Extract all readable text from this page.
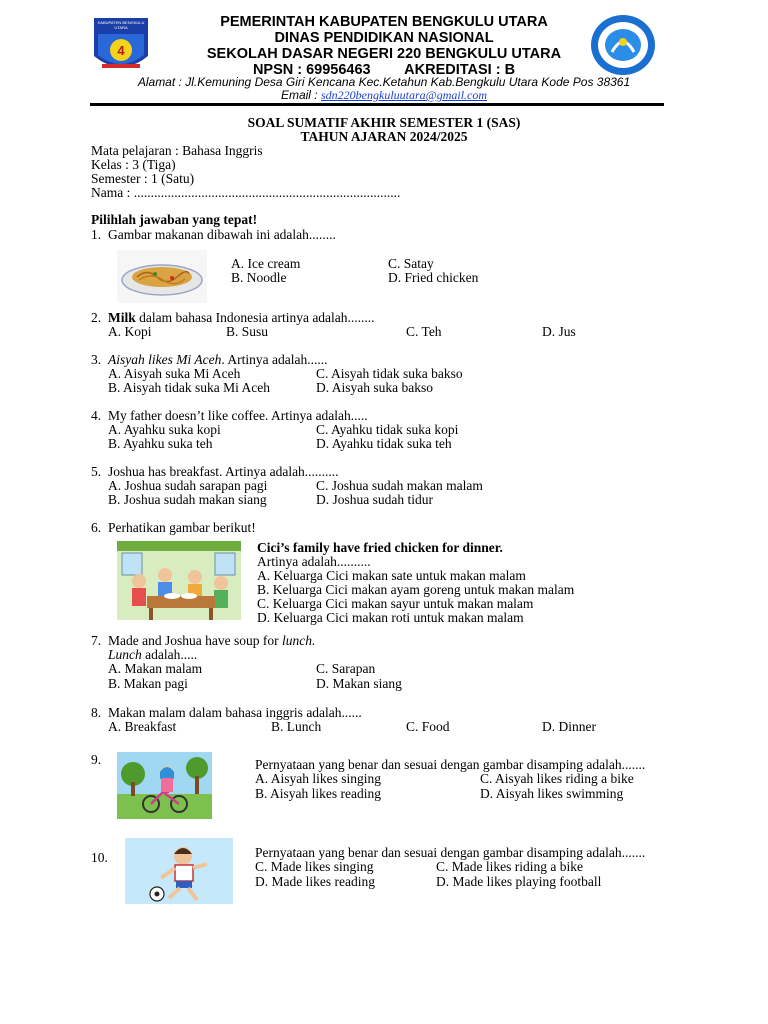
4
KABUPATEN BENGKULU UTARA	PEMERINTAH KABUPATEN BENGKULU UTARA
DINAS PENDIDIKAN NASIONAL
SEKOLAH DASAR NEGERI 220 BENGKULU UTARA
NPSN : 69956463 AKREDITASI : B
Alamat : Jl.Kemuning Desa Giri Kencana Kec.Ketahun Kab.Bengkulu Utara Kode Pos 38361
Email : sdn220bengkuluutara@gmail.com
SOAL SUMATIF AKHIR SEMESTER 1 (SAS)
TAHUN AJARAN 2024/2025
Mata pelajaran : Bahasa Inggris
Kelas : 3 (Tiga)
Semester : 1 (Satu)
Nama : ...............................................................................
Pilihlah jawaban yang tepat!
1. Gambar makanan dibawah ini adalah........
A. Ice cream
B. Noodle
C. Satay
D. Fried chicken
2. Milk dalam bahasa Indonesia artinya adalah........
A. Kopi	B. Susu	C. Teh	D. Jus
3. Aisyah likes Mi Aceh. Artinya adalah......
A. Aisyah suka Mi Aceh
B. Aisyah tidak suka Mi Aceh
C. Aisyah tidak suka bakso
D. Aisyah suka bakso
4. My father doesn’t like coffee. Artinya adalah.....
A. Ayahku suka kopi
B. Ayahku suka teh
C. Ayahku tidak suka kopi
D. Ayahku tidak suka teh
5. Joshua has breakfast. Artinya adalah..........
A. Joshua sudah sarapan pagi
B. Joshua sudah makan siang
C. Joshua sudah makan malam
D. Joshua sudah tidur
6. Perhatikan gambar berikut!
Cici’s family have fried chicken for dinner.
Artinya adalah..........
A. Keluarga Cici makan sate untuk makan malam
B. Keluarga Cici makan ayam goreng untuk makan malam
C. Keluarga Cici makan sayur untuk makan malam
D. Keluarga Cici makan roti untuk makan malam
7. Made and Joshua have soup for lunch.
Lunch adalah.....
A. Makan malam
B. Makan pagi
C. Sarapan
D. Makan siang
8. Makan malam dalam bahasa inggris adalah......
A. Breakfast	B. Lunch	C. Food	D. Dinner
9.	Pernyataan yang benar dan sesuai dengan gambar disamping adalah.......
A. Aisyah likes singing
B. Aisyah likes reading
C. Aisyah likes riding a bike
D. Aisyah likes swimming
10.	Pernyataan yang benar dan sesuai dengan gambar disamping adalah.......
C. Made likes singing
D. Made likes reading
C. Made likes riding a bike
D. Made likes playing football
